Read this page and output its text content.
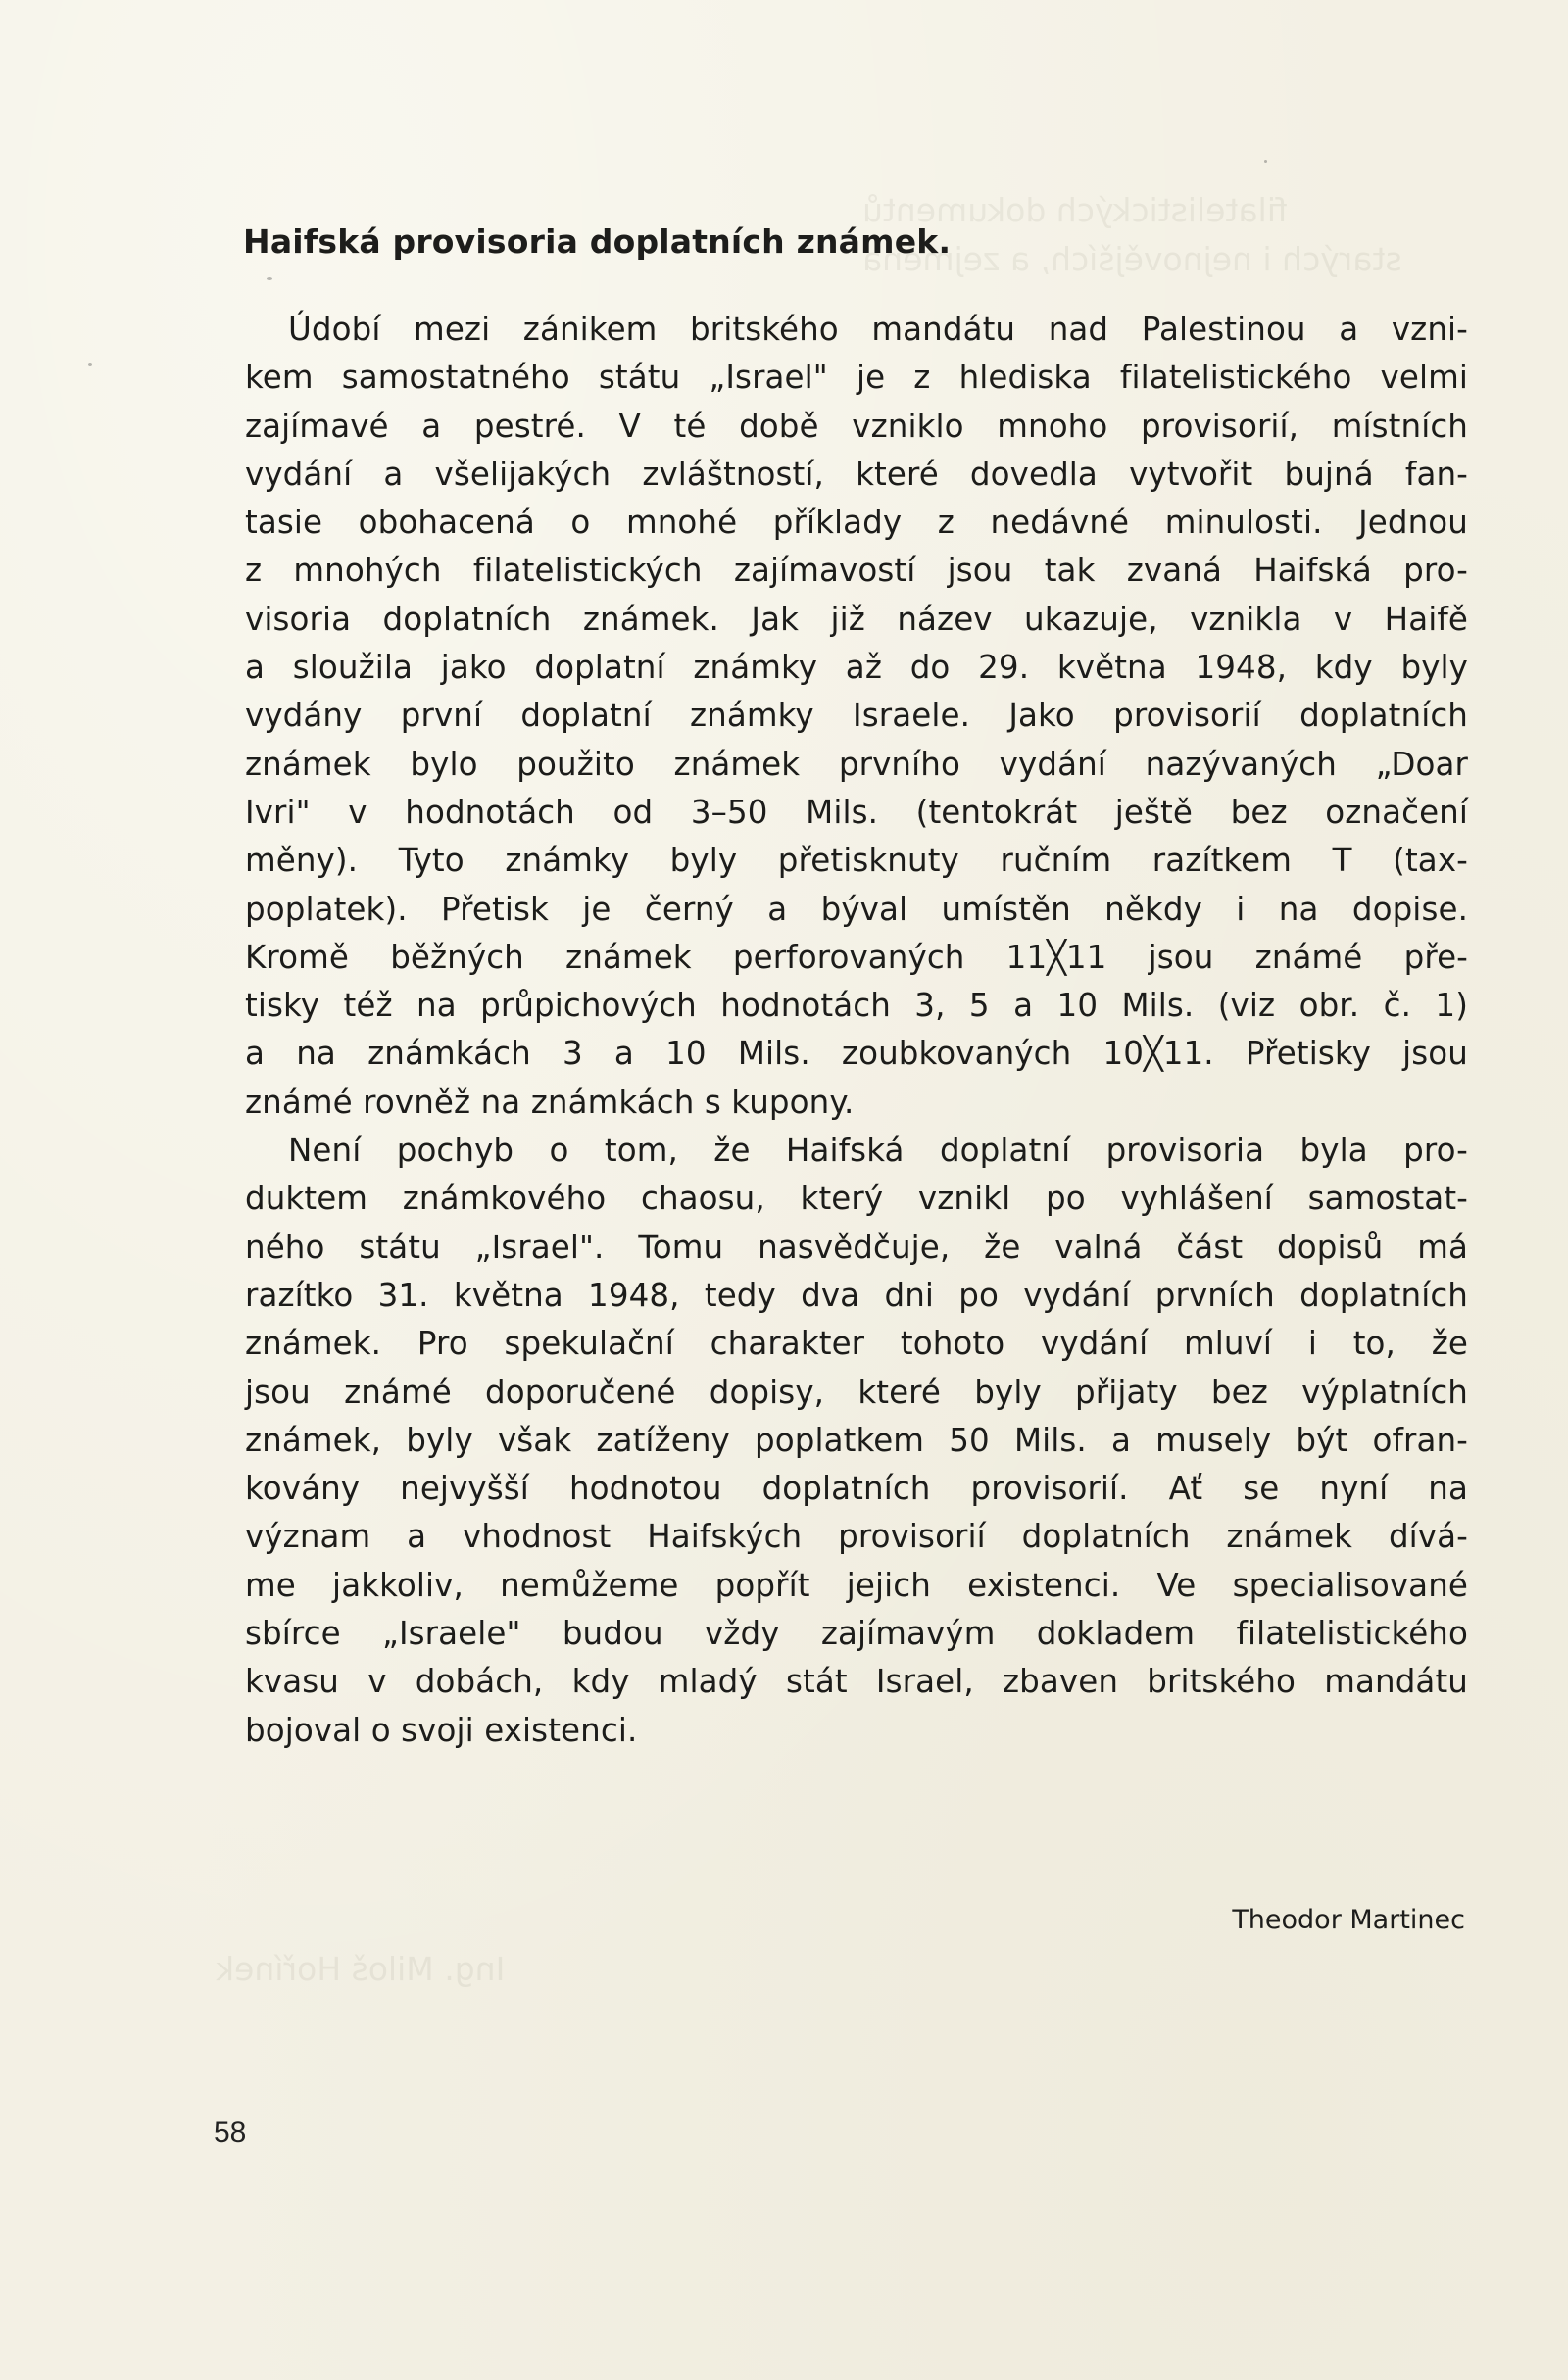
filatelistických dokumentů
starých i nejnovějších, a zejména
Ing. Miloš Hořínek
Haifská provisoria doplatních známek.
Údobí mezi zánikem britského mandátu nad Palestinou a vzni-
kem samostatného státu „Israel" je z hlediska filatelistického velmi
zajímavé a pestré. V té době vzniklo mnoho provisorií, místních
vydání a všelijakých zvláštností, které dovedla vytvořit bujná fan-
tasie obohacená o mnohé příklady z nedávné minulosti. Jednou
z mnohých filatelistických zajímavostí jsou tak zvaná Haifská pro-
visoria doplatních známek. Jak již název ukazuje, vznikla v Haifě
a sloužila jako doplatní známky až do 29. května 1948, kdy byly
vydány první doplatní známky Israele. Jako provisorií doplatních
známek bylo použito známek prvního vydání nazývaných „Doar
Ivri" v hodnotách od 3–50 Mils. (tentokrát ještě bez označení
měny). Tyto známky byly přetisknuty ručním razítkem T (tax-
poplatek). Přetisk je černý a býval umístěn někdy i na dopise.
Kromě běžných známek perforovaných 11╳11 jsou známé pře-
tisky též na průpichových hodnotách 3, 5 a 10 Mils. (viz obr. č. 1)
a na známkách 3 a 10 Mils. zoubkovaných 10╳11. Přetisky jsou
známé rovněž na známkách s kupony.
Není pochyb o tom, že Haifská doplatní provisoria byla pro-
duktem známkového chaosu, který vznikl po vyhlášení samostat-
ného státu „Israel". Tomu nasvědčuje, že valná část dopisů má
razítko 31. května 1948, tedy dva dni po vydání prvních doplatních
známek. Pro spekulační charakter tohoto vydání mluví i to, že
jsou známé doporučené dopisy, které byly přijaty bez výplatních
známek, byly však zatíženy poplatkem 50 Mils. a musely být ofran-
kovány nejvyšší hodnotou doplatních provisorií. Ať se nyní na
význam a vhodnost Haifských provisorií doplatních známek dívá-
me jakkoliv, nemůžeme popřít jejich existenci. Ve specialisované
sbírce „Israele" budou vždy zajímavým dokladem filatelistického
kvasu v dobách, kdy mladý stát Israel, zbaven britského mandátu
bojoval o svoji existenci.
Theodor Martinec
58
